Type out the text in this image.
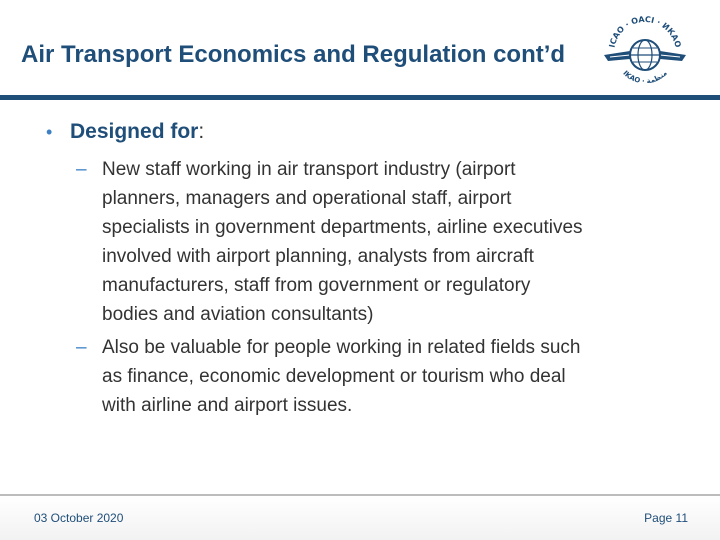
Air Transport Economics and Regulation cont’d	ICAO · OACI · ИКАО
ΙΚΑΟ · منظمة
• Designed for:
– New staff working in air transport industry (airport
planners, managers and operational staff, airport
specialists in government departments, airline executives
involved with airport planning, analysts from aircraft
manufacturers, staff from government or regulatory
bodies and aviation consultants)
– Also be valuable for people working in related fields such
as finance, economic development or tourism who deal
with airline and airport issues.
03 October 2020	Page 11
